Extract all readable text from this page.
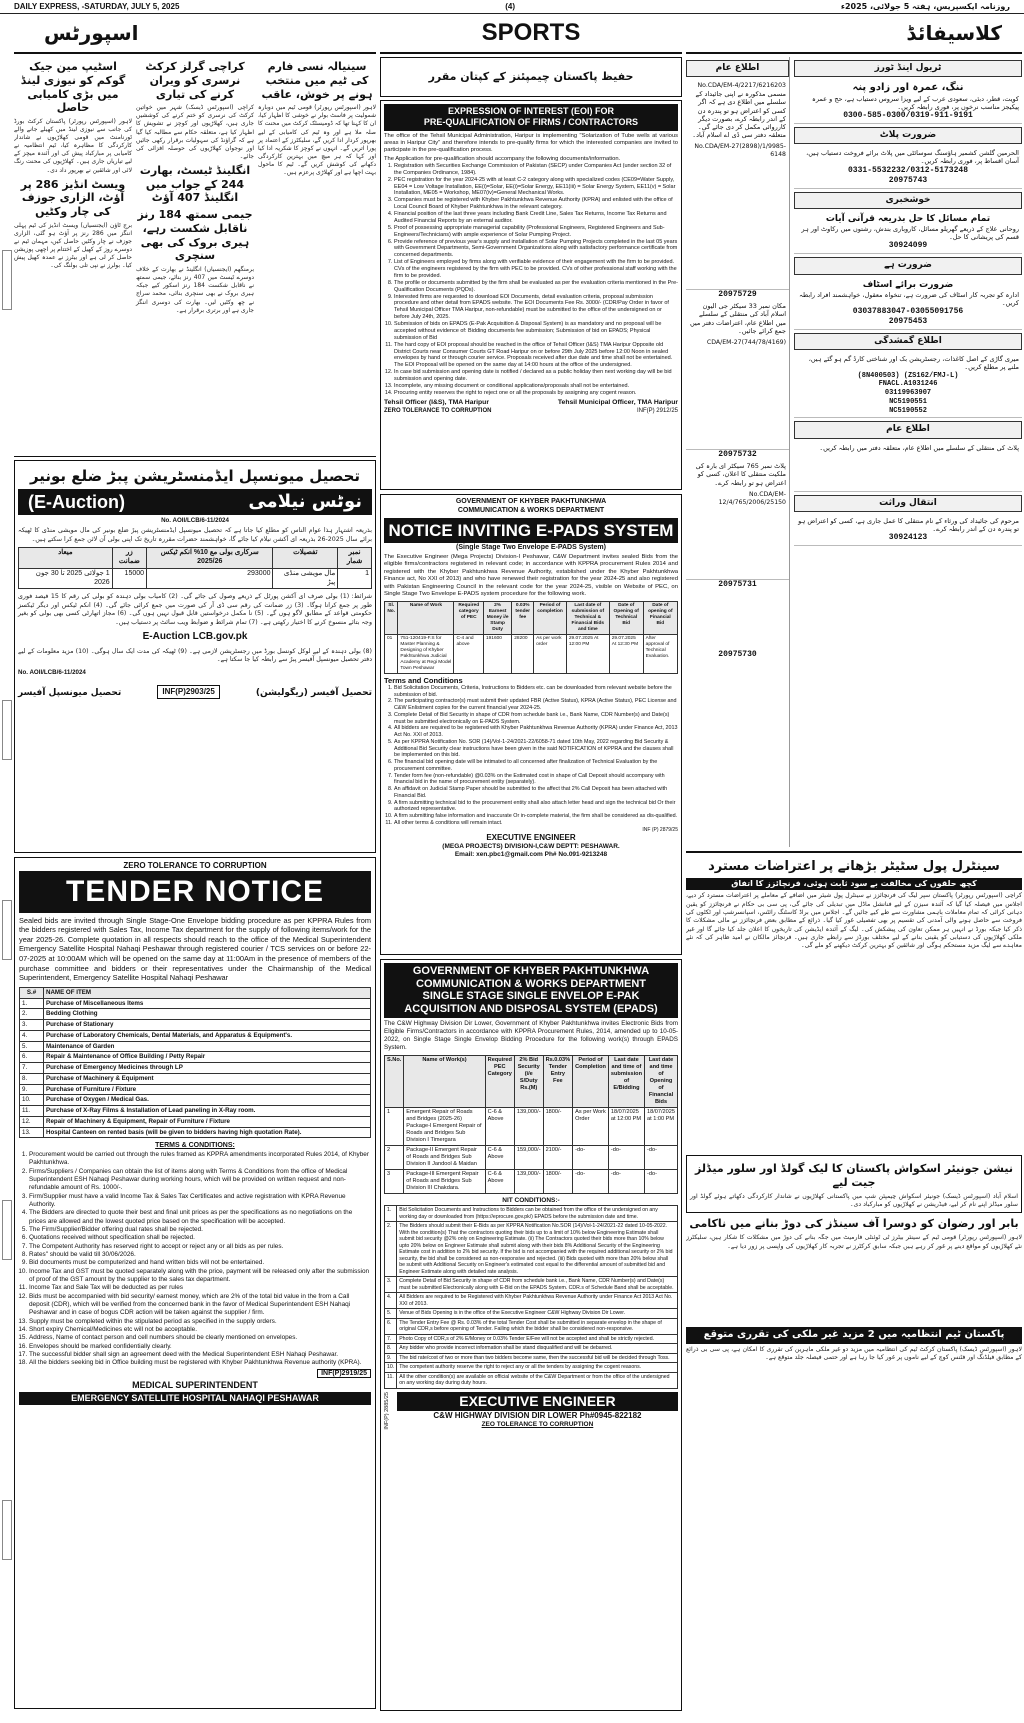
DAILY EXPRESS, -SATURDAY, JULY 5, 2025	(4)	روزنامہ ایکسپریس، ہفتہ 5 جولائی، 2025ء
اسپورٹس
اسٹیپ مین جیک گوکم کو نیوزی لینڈ میں بڑی کامیابی حاصل
لاہور (اسپورٹس رپورٹر) پاکستان کرکٹ بورڈ کی جانب سے نیوزی لینڈ میں کھیلے جانے والے ٹورنامنٹ میں قومی کھلاڑیوں نے شاندار کارکردگی کا مظاہرہ کیا، ٹیم انتظامیہ نے کامیابی پر مبارکباد پیش کی اور آئندہ میچز کے لیے تیاریاں جاری ہیں۔ کھلاڑیوں کی محنت رنگ لائی اور شائقین نے بھرپور داد دی۔
ویسٹ انڈیز 286 پر آؤٹ، الزاری جوزف کی چار وکٹیں
برج ٹاؤن (ایجنسیاں) ویسٹ انڈیز کی ٹیم پہلی اننگز میں 286 رنز پر آؤٹ ہو گئی، الزاری جوزف نے چار وکٹیں حاصل کیں، مہمان ٹیم نے دوسرے روز کے کھیل کے اختتام پر اچھی پوزیشن حاصل کر لی ہے اور بیٹرز نے عمدہ کھیل پیش کیا۔ بولرز نے نپی تلی بولنگ کی۔
کراچی گرلز کرکٹ نرسری کو ویران کرنے کی تیاری
کراچی (اسپورٹس ڈیسک) شہر میں خواتین کرکٹ کی نرسری کو ختم کرنے کی کوششیں جاری ہیں، کھلاڑیوں اور کوچز نے تشویش کا اظہار کیا ہے، متعلقہ حکام سے مطالبہ کیا گیا ہے کہ گراؤنڈ کی سہولیات برقرار رکھی جائیں اور نوجوان کھلاڑیوں کی حوصلہ افزائی کی جائے۔
انگلینڈ ٹیسٹ، بھارت 244 کے جواب میں انگلینڈ 407 آؤٹ
جیمی سمتھ 184 رنز ناقابل شکست رہے، ہیری بروک کی بھی سنچری
برمنگھم (ایجنسیاں) انگلینڈ نے بھارت کے خلاف دوسرے ٹیسٹ میں 407 رنز بنائے، جیمی سمتھ نے ناقابل شکست 184 رنز اسکور کیے جبکہ ہیری بروک نے بھی سنچری بنائی، محمد سراج نے چھ وکٹیں لیں۔ بھارت کی دوسری اننگز جاری ہے اور برتری برقرار ہے۔
سینیالہ نسی فارم کی ٹیم میں منتخب ہونے پر خوش، عاقب
لاہور (اسپورٹس رپورٹر) قومی ٹیم میں دوبارہ شمولیت پر فاسٹ بولر نے خوشی کا اظہار کیا، ان کا کہنا تھا کہ ڈومیسٹک کرکٹ میں محنت کا صلہ ملا ہے اور وہ ٹیم کی کامیابی کے لیے بھرپور کردار ادا کریں گے، سلیکٹرز کے اعتماد پر پورا اتریں گے۔ انہوں نے کوچز کا شکریہ ادا کیا اور کہا کہ ہر میچ میں بہترین کارکردگی دکھانے کی کوشش کریں گے۔ ٹیم کا ماحول بہت اچھا ہے اور کھلاڑی پرعزم ہیں۔
تحصیل میونسپل ایڈمنسٹریشن پبڑ ضلع بونیر
(E-Auction)	نوٹس نیلامی
No. AOII/LCB/6-11/2024
بذریعہ اشتہار ہذا عوام الناس کو مطلع کیا جاتا ہے کہ تحصیل میونسپل ایڈمنسٹریشن پبڑ ضلع بونیر کی مال مویشی منڈی کا ٹھیکہ برائے سال 2025-26 بذریعہ ای آکشن نیلام کیا جائے گا، خواہشمند حضرات مقررہ تاریخ تک اپنی بولی آن لائن جمع کرا سکتے ہیں۔
نمبر شمار	تفصیلات	سرکاری بولی مع 10% انکم ٹیکس 2025/26	زر ضمانت	میعاد
1	مال مویشی منڈی پبڑ	293000	15000	1 جولائی 2025 تا 30 جون 2026
شرائط: (1) بولی صرف ای آکشن پورٹل کے ذریعے وصول کی جائے گی۔ (2) کامیاب بولی دہندہ کو بولی کی رقم کا 15 فیصد فوری طور پر جمع کرانا ہوگا۔ (3) زر ضمانت کی رقم سی ڈی آر کی صورت میں جمع کرائی جائے گی۔ (4) انکم ٹیکس اور دیگر ٹیکسز حکومتی قواعد کے مطابق لاگو ہوں گے۔ (5) نا مکمل درخواستیں قابل قبول نہیں ہوں گی۔ (6) مجاز اتھارٹی کسی بھی بولی کو بغیر وجہ بتائے منسوخ کرنے کا اختیار رکھتی ہے۔ (7) تمام شرائط و ضوابط ویب سائٹ پر دستیاب ہیں۔
E-Auction LCB.gov.pk
(8) بولی دہندہ کے لیے لوکل کونسل بورڈ میں رجسٹریشن لازمی ہے۔ (9) ٹھیکہ کی مدت ایک سال ہوگی۔ (10) مزید معلومات کے لیے دفتر تحصیل میونسپل آفیسر پبڑ سے رابطہ کیا جا سکتا ہے۔
No. AOII/LCB/6-11/2024
تحصیل میونسپل آفیسر	INF(P)2903/25	تحصیل آفیسر (ریگولیشن)
ZERO TOLERANCE TO CORRUPTION
TENDER NOTICE
Sealed bids are invited through Single Stage-One Envelope bidding procedure as per KPPRA Rules from the bidders registered with Sales Tax, Income Tax department for the supply of following items/work for the year 2025-26. Complete quotation in all respects should reach to the office of the Medical Superintendent Emergency Satellite Hospital Nahaqi Peshawar through registered courier / TCS services on or before 22-07-2025 at 10:00AM which will be opened on the same day at 11:00Am in the presence of members of the purchase committee and bidders or their representatives under the Chairmanship of the Medical Superintendent, Emergency Satellite Hospital Nahaqi Peshawar
S.#	NAME OF ITEM
1.	Purchase of Miscellaneous Items
2.	Bedding Clothing
3.	Purchase of Stationary
4.	Purchase of Laboratory Chemicals, Dental Materials, and Apparatus & Equipment's.
5.	Maintenance of Garden
6.	Repair & Maintenance of Office Building / Petty Repair
7.	Purchase of Emergency Medicines through LP
8.	Purchase of Machinery & Equipment
9.	Purchase of Furniture / Fixture
10.	Purchase of Oxygen / Medical Gas.
11.	Purchase of X-Ray Films & Installation of Lead paneling in X-Ray room.
12.	Repair of Machinery & Equipment, Repair of Furniture / Fixture
13.	Hospital Canteen on rented basis (will be given to bidders having high quotation Rate).
TERMS & CONDITIONS:
1. Procurement would be carried out through the rules framed as KPPRA amendments incorporated Rules 2014, of Khyber Pakhtunkhwa.
2. Firms/Suppliers / Companies can obtain the list of items along with Terms & Conditions from the office of Medical Superintendent ESH Nahaqi Peshawar during working hours, which will be provided on written request and non-refundable amount of Rs. 1000/-.
3. Firm/Supplier must have a valid Income Tax & Sales Tax Certificates and active registration with KPRA Revenue Authority.
4. The Bidders are directed to quote their best and final unit prices as per the specifications as no negotiations on the prices are allowed and the lowest quoted price based on the specification will be accepted.
5. The Firm/Supplier/Bidder offering dual rates shall be rejected.
6. Quotations received without specification shall be rejected.
7. The Competent Authority has reserved right to accept or reject any or all bids as per rules.
8. Rates" should be valid till 30/06/2026.
9. Bid documents must be computerized and hand written bids will not be entertained.
10. Income Tax and GST must be quoted separately along with the price, payment will be released only after the submission of proof of the GST amount by the supplier to the sales tax department.
11. Income Tax and Sale Tax will be deducted as per rules
12. Bids must be accompanied with bid security/ earnest money, which are 2% of the total bid value in the from a Call deposit (CDR), which will be verified from the concerned bank in the favor of Medical Superintendent ESH Nahaqi Peshawar and in case of bogus CDR action will be taken against the supplier / firm.
13. Supply must be completed within the stipulated period as specified in the supply orders.
14. Short expiry Chemical/Medicines etc will not be acceptable.
15. Address, Name of contact person and cell numbers should be clearly mentioned on envelopes.
16. Envelopes should be marked confidentially clearly.
17. The successful bidder shall sign an agreement deed with the Medical Superintendent ESH Nahaqi Peshawar.
18. All the bidders seeking bid in Office building must be registered with Khyber Pakhtunkhwa Revenue authority (KPRA).
INF(P)2919/25
MEDICAL SUPERINTENDENT
EMERGENCY SATELLITE HOSPITAL NAHAQI PESHAWAR
SPORTS
حفیظ پاکستان چیمپئنز کے کپتان مقرر
EXPRESSION OF INTEREST (EOI) FOR
PRE-QUALIFICATION OF FIRMS / CONTRACTORS
The office of the Tehsil Municipal Administration, Haripur is implementing "Solarization of Tube wells at various areas in Haripur City" and therefore intends to pre-qualify firms for which the interested companies are invited to participate in the pre-qualification process.
The Application for pre-qualification should accompany the following documents/information.
1. Registration with Securities Exchange Commission of Pakistan (SECP) under Companies Act (under section 32 of the Companies Ordinance, 1984).
2. PEC registration for the year 2024-25 with at least C-2 category along with specialized codes (CE09=Water Supply, EE04 = Low Voltage Installation, EE(i)=Solar, EE(i)=Solar Energy, EE11(iii) = Solar Energy System, EE11(v) = Solar Installation, ME05 = Workshop, ME07(iv)=General Mechanical Works.
3. Companies must be registered with Khyber Pakhtunkhwa Revenue Authority (KPRA) and enlisted with the office of Local Council Board of Khyber Pakhtunkhwa in the relevant category.
4. Financial position of the last three years including Bank Credit Line, Sales Tax Returns, Income Tax Returns and Audited Financial Reports by an external auditor.
5. Proof of possessing appropriate managerial capability (Professional Engineers, Registered Engineers and Sub-Engineers/Technicians) with ample experience of Solar Pumping Project.
6. Provide reference of previous year's supply and installation of Solar Pumping Projects completed in the last 05 years with Government Departments, Semi-Government Organizations along with satisfactory performance certificate from concerned departments.
7. List of Engineers employed by firms along with verifiable evidence of their engagement with the firm to be provided. CVs of the engineers registered by the firm with PEC to be provided. CVs of other professional staff working with the firm to be provided.
8. The profile or documents submitted by the firm shall be evaluated as per the evaluation criteria mentioned in the Pre-Qualification Documents (PQDs).
9. Interested firms are requested to download EOI Documents, detail evaluation criteria, proposal submission procedure and other detail from EPADS website. The EOI Documents Fee Rs. 3000/- (CDR/Pay Order in favor of Tehsil Municipal Officer TMA Haripur, non-refundable) must be submitted to the office of the undersigned on or before July 24th, 2025.
10. Submission of bids on EPADS (E-Pak Acquisition & Disposal System) is as mandatory and no proposal will be accepted without evidence of: Bidding documents fee submission; Submission of bid on EPADS; Physical submission of Bid
11. The hard copy of EOI proposal should be reached in the office of Tehsil Officer (I&S) TMA Haripur Opposite old District Courts near Consumer Courts GT Road Haripur on or before 29th July 2025 before 12:00 Noon in sealed envelopes by hand or through courier service. Proposals received after due date and time shall not be entertained. The EOI Proposal will be opened on the same day at 14:00 hours at the office of the undersigned.
12. In case bid submission and opening date is notified / declared as a public holiday then next working day will be bid submission and opening date.
13. Incomplete, any missing document or conditional applications/proposals shall not be entertained.
14. Procuring entity reserves the right to reject one or all the proposals by assigning any cogent reason.
Tehsil Officer (I&S), TMA Haripur	Tehsil Municipal Officer, TMA Haripur
ZERO TOLERANCE TO CORRUPTION	INF(P) 2912/25
GOVERNMENT OF KHYBER PAKHTUNKHWA
COMMUNICATION & WORKS DEPARTMENT
NOTICE INVITING E-PADS SYSTEM
(Single Stage Two Envelope E-PADS System)
The Executive Engineer (Mega Projects) Division-I Peshawar, C&W Department invites sealed Bids from the eligible firms/contractors registered in relevant code; in accordance with KPPRA procurement Rules 2014 and registered with the Khyber Pakhtunkhwa Revenue Authority, established under the Khyber Pakhtunkhwa Finance act, No XXI of 2013) and who have renewed their registration for the year 2024-25 and also registered with Pakistan Engineering Council in the relevant code for the year 2024-25, visible on Website of PEC, on Single Stage Two Envelope E-PADS system procedure for the following work.
Sl. No.	Name of Work	Required category of PEC	2% Earnest Money i/e Stamp Duty	0.03% tender fee	Period of completion	Last date of submission of Technical & Financial Bids and time	Date of Opening of Technical Bid	Date of opening of Financial Bid
01	751-120419-F.S for Master Planning & Designing of Khyber Pakhtunkhwa Judicial Academy at Regi Model Town Peshawar	C-4 and above	191600	28200	As per work order	29.07.2025 At 12:00 PM	29.07.2025 At 12:30 PM	After approval of Technical Evaluation.
Terms and Conditions
1. Bid Solicitation Documents, Criteria, Instructions to Bidders etc. can be downloaded from relevant website before the submission of bid.
2. The participating contractor(s) must submit their updated FBR (Active Status), KPRA (Active Status), PEC License and C&W Enlistment copies for the current financial year 2024-25.
3. Complete Detail of Bid Security in shape of CDR from schedule bank i.e., Bank Name, CDR Number(s) and Date(s) must be submitted electronically on E-PADS System.
4. All bidders are required to be registered with Khyber Pakhtunkhwa Revenue Authority (KPRA) under Finance Act, 2013 Act No. XXI of 2013.
5. As per KPPRA Notification No. SOR (14)/Vol-1-24/2021-22/6058-71 dated 10th May, 2022 regarding Bid Security & Additional Bid Security clear instructions have been given in the said NOTIFICATION of KPPRA and the clauses shall be implemented on this bid.
6. The financial bid opening date will be intimated to all concerned after finalization of Technical Evaluation by the procurement committee.
7. Tender form fee (non-refundable) @0.03% on the Estimated cost in shape of Call Deposit should accompany with financial bid in the name of procurement entity (separately).
8. An affidavit on Judicial Stamp Paper should be submitted to the affect that 2% Call Deposit has been attached with Financial Bid.
9. A firm submitting technical bid to the procurement entity shall also attach letter head and sign the technical bid Or their authorized representative.
10. A firm submitting false information and inaccurate Or in-complete material, the firm shall be considered as dis-qualified.
11. All other terms & conditions will remain intact.
INF (P) 2879/25
EXECUTIVE ENGINEER
(MEGA PROJECTS) DIVISION-I,C&W DEPTT: PESHAWAR.
Email: xen.pbc1@gmail.com Ph# No.091-9213248
GOVERNMENT OF KHYBER PAKHTUNKHWA
COMMUNICATION & WORKS DEPARTMENT
SINGLE STAGE SINGLE ENVELOP E-PAK
ACQUISITION AND DISPOSAL SYSTEM (EPADS)
The C&W Highway Division Dir Lower, Government of Khyber Pakhtunkhwa invites Electronic Bids from Eligible Firms/Contractors in accordance with KPPRA Procurement Rules, 2014, amended up to 10-05-2022, on Single Stage Single Envelop Bidding Procedure for the following work(s) through EPADS System.
S.No.	Name of Work(s)	Required PEC Category	2% Bid Security (i/e S/Duty Rs.(M)	Rs.0.03% Tender Entry Fee	Period of Completion	Last date and time of submission of E/Bidding	Last date and time of Opening of Financial Bids
1	Emergent Repair of Roads and Bridges (2025-26) Package-I Emergent Repair of Roads and Bridges Sub Division I Timergara	C-6 & Above	139,000/-	1800/-	As per Work Order	18/07/2025 at 12:00 PM	18/07/2025 at 1:00 PM
2	Package-II Emergent Repair of Roads and Bridges Sub Division II Jandool & Maidan	C-6 & Above	159,000/-	2100/-	-do-	-do-	-do-
3	Package-III Emergent Repair of Roads and Bridges Sub Division III Chakdara.	C-6 & Above	139,000/-	1800/-	-do-	-do-	-do-
NIT CONDITIONS:-
1.	Bid Solicitation Documents and Instructions to Bidders can be obtained from the office of the undersigned on any working day or downloaded from (https://eprocure.gov.pk/) EPADS before the submission date and time.
2.	The Bidders should submit their E-Bids as per KPPRA Notification No.SOR (14)/Vol-1-24/2021-22 dated 10-05-2022. With the condition(s) That the contractors quoting their bids up to a limit of 10% below Engineering Estimate shall submit bid security @2% only on Engineering Estimate. (ii) The Contractors quoted their bids more than 10% below upto 20% below on Engineer Estimate shall submit along with their bids 8% Additional Security of the Engineering Estimate cost in addition to 2% bid security. If the bid is not accompanied with the required additional security or 2% bid security, the bid shall be considered as non-responsive and rejected. (iii) Bids quoted with more than 20% below shall be submit with Additional Security on Engineer's estimated cost equal to the differential amount of submitted bid and Engineer Estimate along with detailed rate analysis.
3.	Complete Detail of Bid Security in shape of CDR from schedule bank i.e., Bank Name, CDR Number(s) and Date(s) must be submitted Electronically along with E-Bid on the EPADS System. CDR.s of Schedule Band shall be acceptable.
4.	All Bidders are required to be Registered with Khyber Pakhtunkhwa Revenue Authority under Finance Act 2013 Act No. XXI of 2013.
5.	Venue of Bids Opening is in the office of the Executive Engineer C&W Highway Division Dir Lower.
6.	The Tender Entry Fee @ Rs. 0.03% of the total Tender Cost shall be submitted in separate envelop in the shape of original CDR,s before opening of Tender. Failing which the bidder shall be considered non-responsive.
7.	Photo Copy of CDR,s of 2% E/Money or 0.03% Tender E/Fee will not be accepted and shall be strictly rejected.
8.	Any bidder who provide incorrect information shall be stand disqualified and will be debarred.
9.	The bid rate/cost of two or more than two bidders become same, then the successful bid will be decided through Toss.
10.	The competent authority reserve the right to reject any or all the tenders by assigning the cogent reasons.
11.	All the other condition(s) are available on official website of the C&W Department or from the office of the undersigned on any working day during duty hours.
INF(P) 2885/25	EXECUTIVE ENGINEER
C&W HIGHWAY DIVISION DIR LOWER Ph#0945-822182
ZEO TOLERANCE TO CORRUPTION
کلاسیفائڈ
اطلاع عام
No.CDA/EM-4/2217/6216203
مسمی مذکورہ نے اپنی جائیداد کے سلسلے میں اطلاع دی ہے کہ اگر کسی کو اعتراض ہو تو پندرہ دن کے اندر رابطہ کرے، بصورت دیگر کارروائی مکمل کر دی جائے گی۔ متعلقہ دفتر سی ڈی اے اسلام آباد۔
No.CDA/EM-27(2898)/1/9985-6148
20975729
مکان نمبر 33 سیکٹر جی الیون اسلام آباد کی منتقلی کے سلسلے میں اطلاع عام، اعتراضات دفتر میں جمع کرائے جائیں۔
CDA/EM-27(744/78/4169)
20975732
پلاٹ نمبر 765 سیکٹر ای بارہ کی ملکیت منتقلی کا اعلان، کسی کو اعتراض ہو تو رابطہ کرے۔
No.CDA/EM-12/4/765/2006/25150
20975731
20975730
ٹریول اینڈ ٹورز
ننگ، عمرہ اور زادو پنہ
کویت، قطر، دبئی، سعودی عرب کے لیے ویزا سروس دستیاب ہے، حج و عمرہ پیکیجز مناسب نرخوں پر، فوری رابطہ کریں۔
0300-585-0300/0319-911-9191
ضرورت پلاٹ
الحرمین گلشن کشمیر ہاؤسنگ سوسائٹی میں پلاٹ برائے فروخت دستیاب ہیں، آسان اقساط پر، فوری رابطہ کریں۔
0331-5532232/0312-5173248
20975743
خوشخبری
تمام مسائل کا حل بذریعہ قرآنی آیات
روحانی علاج کے ذریعے گھریلو مسائل، کاروباری بندش، رشتوں میں رکاوٹ اور ہر قسم کی پریشانی کا حل۔
30924099
ضرورت ہے
ضرورت برائے اسٹاف
ادارہ کو تجربہ کار اسٹاف کی ضرورت ہے، تنخواہ معقول، خواہشمند افراد رابطہ کریں۔
03037883047-03055091756
20975453
اطلاع گمشدگی
میری گاڑی کے اصل کاغذات، رجسٹریشن بک اور شناختی کارڈ گم ہو گئے ہیں، ملنے پر مطلع کریں۔
(8N400503) (ZS162/FMJ-L)
FNACL.A1031246
03119963907
NC5190551
NC5190552
اطلاع عام
پلاٹ کی منتقلی کے سلسلے میں اطلاع عام، متعلقہ دفتر میں رابطہ کریں۔
انتقال وراثت
مرحوم کی جائیداد کی ورثاء کے نام منتقلی کا عمل جاری ہے، کسی کو اعتراض ہو تو پندرہ دن کے اندر رابطہ کرے۔
30924123
سینٹرل پول سٹیٹر بڑھانے پر اعتراضات مسترد
کچھ حلقوں کی مخالفت بے سود ثابت ہوئی، فرنچائزز کا اتفاق
کراچی (اسپورٹس رپورٹر) پاکستان سپر لیگ کی فرنچائزز نے سینٹرل پول شیئر میں اضافے کے معاملے پر اعتراضات مسترد کر دیے، اجلاس میں فیصلہ کیا گیا کہ آئندہ سیزن کے لیے فنانشل ماڈل میں تبدیلی کی جائے گی، پی سی بی حکام نے فرنچائزز کو یقین دہانی کرائی کہ تمام معاملات باہمی مشاورت سے طے کیے جائیں گے۔ اجلاس میں براڈ کاسٹنگ رائٹس، اسپانسرشپ اور ٹکٹوں کی فروخت سے حاصل ہونے والی آمدنی کی تقسیم پر بھی تفصیلی غور کیا گیا۔ ذرائع کے مطابق بعض فرنچائزز نے مالی مشکلات کا ذکر کیا جبکہ بورڈ نے انہیں ہر ممکن تعاون کی پیشکش کی۔ لیگ کے آئندہ ایڈیشن کی تاریخوں کا اعلان جلد کیا جائے گا اور غیر ملکی کھلاڑیوں کی دستیابی کو یقینی بنانے کے لیے مختلف بورڈز سے رابطے جاری ہیں۔ فرنچائز مالکان نے امید ظاہر کی کہ نئے معاہدے سے لیگ مزید مستحکم ہوگی اور شائقین کو بہترین کرکٹ دیکھنے کو ملے گی۔
نیشن جونیئر اسکواش پاکستان کا لیک گولڈ اور سلور میڈلز جیت لیے
اسلام آباد (اسپورٹس ڈیسک) جونیئر اسکواش چیمپئن شپ میں پاکستانی کھلاڑیوں نے شاندار کارکردگی دکھاتے ہوئے گولڈ اور سلور میڈلز اپنے نام کر لیے، فیڈریشن نے کھلاڑیوں کو مبارکباد دی۔
بابر اور رضوان کو دوسرا آف سینڈز کی دوڑ بنانے میں ناکامی
لاہور (اسپورٹس رپورٹر) قومی ٹیم کے سینئر بیٹرز ٹی ٹوئنٹی فارمیٹ میں جگہ بنانے کی دوڑ میں مشکلات کا شکار ہیں، سلیکٹرز نئے کھلاڑیوں کو مواقع دینے پر غور کر رہے ہیں جبکہ سابق کرکٹرز نے تجربہ کار کھلاڑیوں کی واپسی پر زور دیا ہے۔
پاکستان ٹیم انتظامیہ میں 2 مزید غیر ملکی کی تقرری متوقع
لاہور (اسپورٹس ڈیسک) پاکستان کرکٹ ٹیم کی انتظامیہ میں مزید دو غیر ملکی ماہرین کی تقرری کا امکان ہے، پی سی بی ذرائع کے مطابق فیلڈنگ اور فٹنس کوچ کے لیے ناموں پر غور کیا جا رہا ہے اور حتمی فیصلہ جلد متوقع ہے۔
